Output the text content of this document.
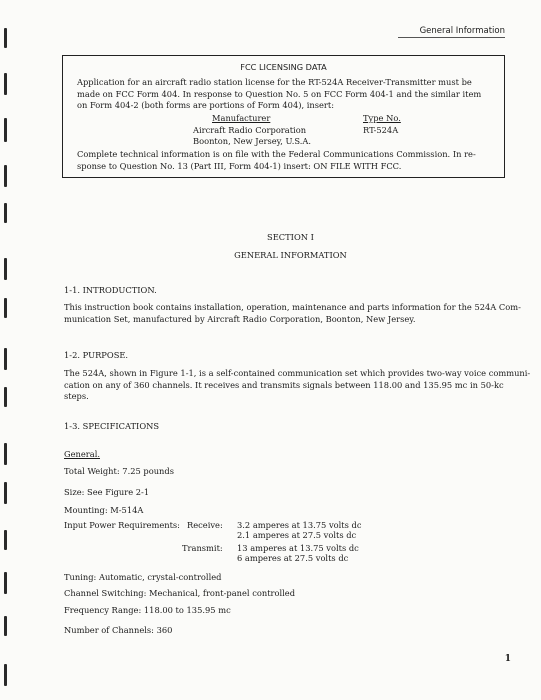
General Information
FCC LICENSING DATA
Application for an aircraft radio station license for the RT-524A Receiver-Transmitter must be
made on FCC Form 404. In response to Question No. 5 on FCC Form 404-1 and the similar item
on Form 404-2 (both forms are portions of Form 404), insert:
Manufacturer
Aircraft Radio Corporation
Boonton, New Jersey, U.S.A.
Type No.
RT-524A
Complete technical information is on file with the Federal Communications Commission. In re-
sponse to Question No. 13 (Part III, Form 404-1) insert: ON FILE WITH FCC.
SECTION I
GENERAL INFORMATION
1-1. INTRODUCTION.
This instruction book contains installation, operation, maintenance and parts information for the 524A Com-
munication Set, manufactured by Aircraft Radio Corporation, Boonton, New Jersey.
1-2. PURPOSE.
The 524A, shown in Figure 1-1, is a self-contained communication set which provides two-way voice communi-
cation on any of 360 channels. It receives and transmits signals between 118.00 and 135.95 mc in 50-kc
steps.
1-3. SPECIFICATIONS
General.
Total Weight: 7.25 pounds
Size: See Figure 2-1
Mounting: M-514A
Input Power Requirements: Receive: 3.2 amperes at 13.75 volts dc
2.1 amperes at 27.5 volts dc
Transmit: 13 amperes at 13.75 volts dc
6 amperes at 27.5 volts dc
Tuning: Automatic, crystal-controlled
Channel Switching: Mechanical, front-panel controlled
Frequency Range: 118.00 to 135.95 mc
Number of Channels: 360
1
